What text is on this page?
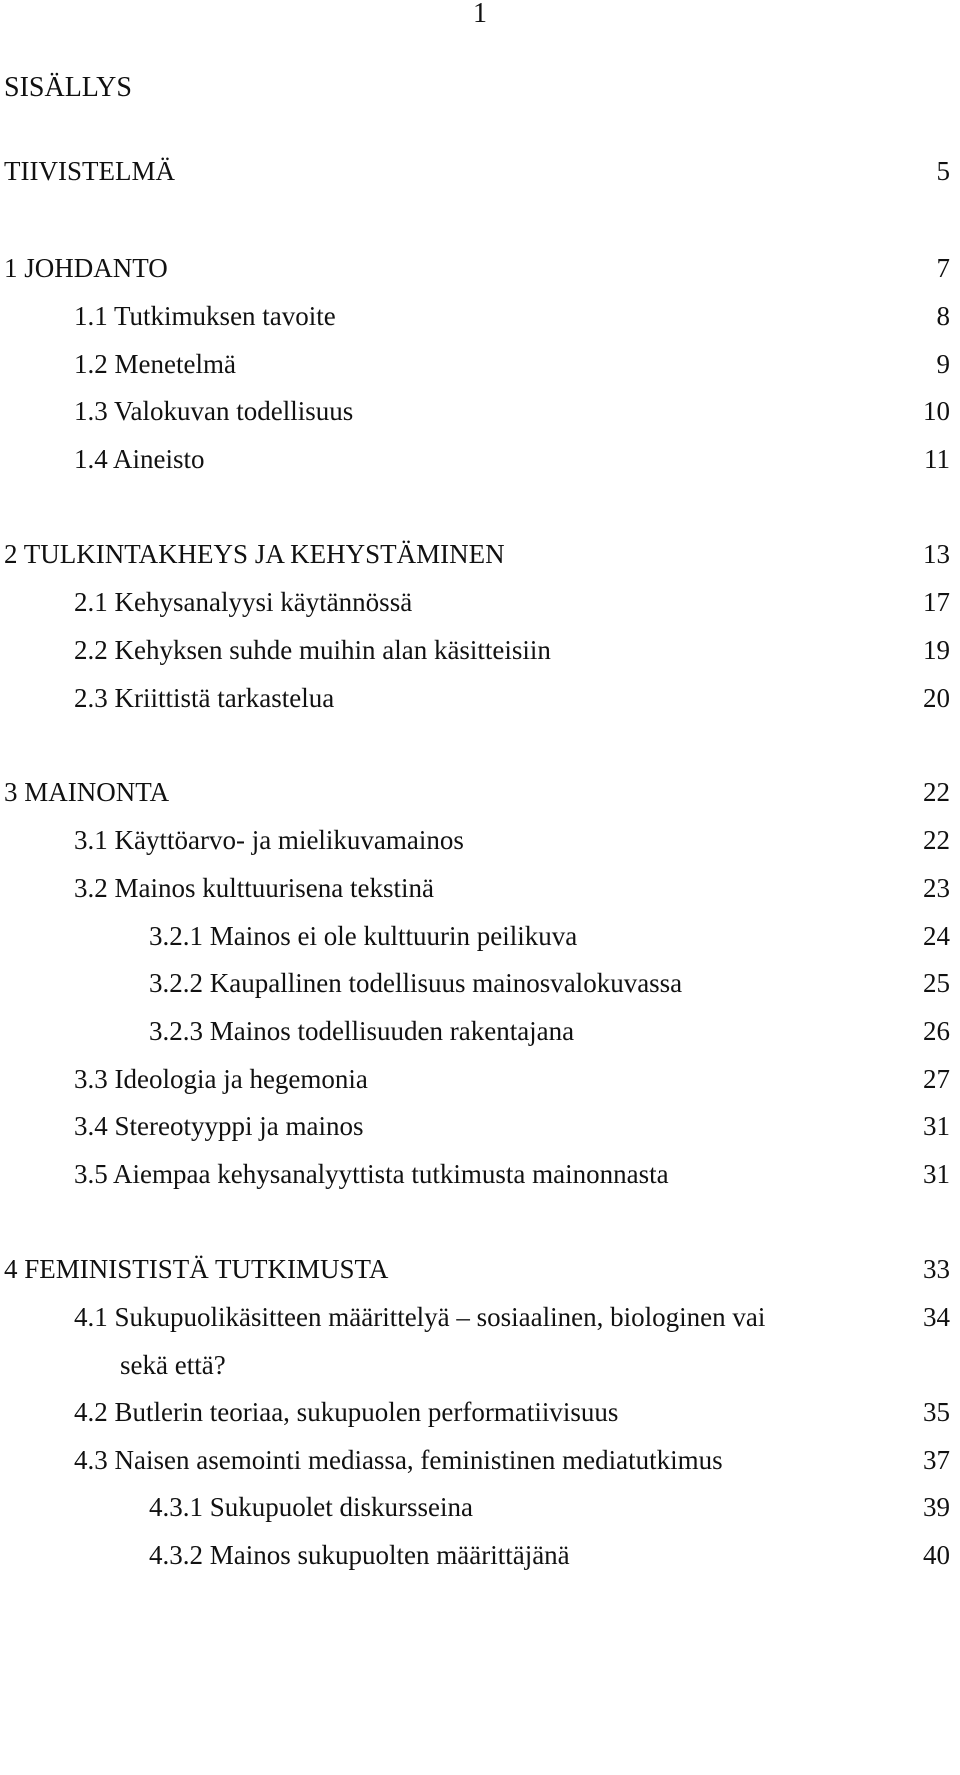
1
SISÄLLYS
TIIVISTELMÄ	5
1 JOHDANTO	7
1.1 Tutkimuksen tavoite	8
1.2 Menetelmä	9
1.3 Valokuvan todellisuus	10
1.4 Aineisto	11
2 TULKINTAKHEYS JA KEHYSTÄMINEN	13
2.1 Kehysanalyysi käytännössä	17
2.2 Kehyksen suhde muihin alan käsitteisiin	19
2.3 Kriittistä tarkastelua	20
3 MAINONTA	22
3.1 Käyttöarvo- ja mielikuvamainos	22
3.2 Mainos kulttuurisena tekstinä	23
3.2.1 Mainos ei ole kulttuurin peilikuva	24
3.2.2 Kaupallinen todellisuus mainosvalokuvassa	25
3.2.3 Mainos todellisuuden rakentajana	26
3.3 Ideologia ja hegemonia	27
3.4 Stereotyyppi ja mainos	31
3.5 Aiempaa kehysanalyyttista tutkimusta mainonnasta	31
4 FEMINISTISTÄ TUTKIMUSTA	33
4.1 Sukupuolikäsitteen määrittelyä – sosiaalinen, biologinen vai	34
sekä että?
4.2 Butlerin teoriaa, sukupuolen performatiivisuus	35
4.3 Naisen asemointi mediassa, feministinen mediatutkimus	37
4.3.1 Sukupuolet diskursseina	39
4.3.2 Mainos sukupuolten määrittäjänä	40
